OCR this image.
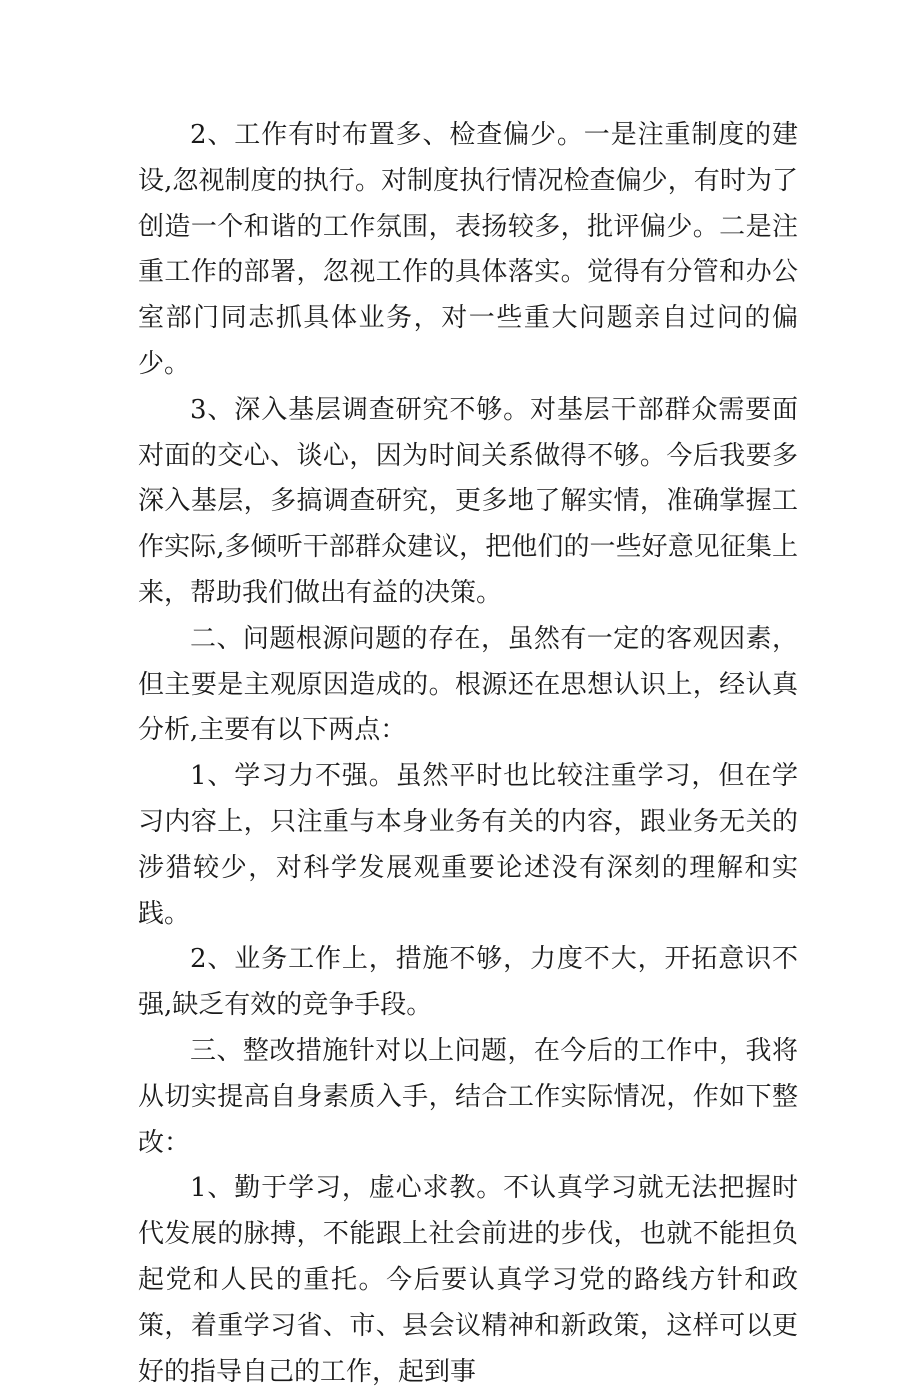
2、工作有时布置多、检查偏少。一是注重制度的建设,忽视制度的执行。对制度执行情况检查偏少，有时为了创造一个和谐的工作氛围，表扬较多，批评偏少。二是注重工作的部署，忽视工作的具体落实。觉得有分管和办公室部门同志抓具体业务，对一些重大问题亲自过问的偏少。

3、深入基层调查研究不够。对基层干部群众需要面对面的交心、谈心，因为时间关系做得不够。今后我要多深入基层，多搞调查研究，更多地了解实情，准确掌握工作实际,多倾听干部群众建议，把他们的一些好意见征集上来，帮助我们做出有益的决策。

二、问题根源问题的存在，虽然有一定的客观因素，但主要是主观原因造成的。根源还在思想认识上，经认真分析,主要有以下两点：

1、学习力不强。虽然平时也比较注重学习，但在学习内容上，只注重与本身业务有关的内容，跟业务无关的涉猎较少，对科学发展观重要论述没有深刻的理解和实践。

2、业务工作上，措施不够，力度不大，开拓意识不强,缺乏有效的竞争手段。

三、整改措施针对以上问题，在今后的工作中，我将从切实提高自身素质入手，结合工作实际情况，作如下整改：

1、勤于学习，虚心求教。不认真学习就无法把握时代发展的脉搏，不能跟上社会前进的步伐，也就不能担负起党和人民的重托。今后要认真学习党的路线方针和政策，着重学习省、市、县会议精神和新政策，这样可以更好的指导自己的工作，起到事
